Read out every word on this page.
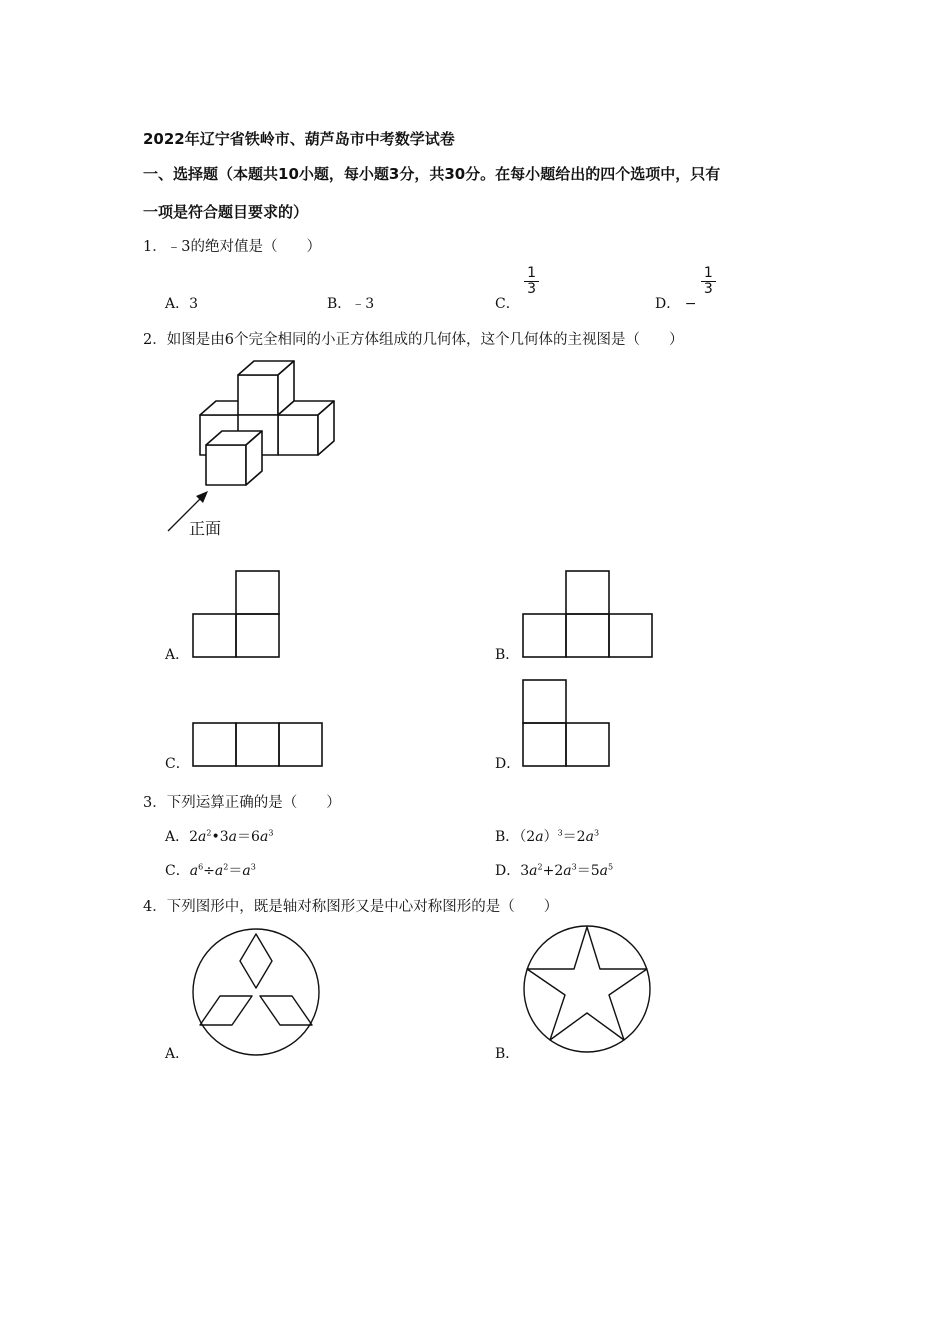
2022年辽宁省铁岭市、葫芦岛市中考数学试卷
一、选择题（本题共10小题，每小题3分，共30分。在每小题给出的四个选项中，只有
一项是符合题目要求的）
1．﹣3的绝对值是（　　）
A．3	B．﹣3	C．
$\frac{1}{3}$
D． −
$\frac{1}{3}$
2．如图是由6个完全相同的小正方体组成的几何体，这个几何体的主视图是（　　）
正面
A．	B．
C．	D．
3．下列运算正确的是（　　）
A．$2a^2•3a=6a^3$	B．$(2a)^3=2a^3$
C．$a^6\div a^2=a^3$	D．$3a^2+2a^3=5a^5$
4．下列图形中，既是轴对称图形又是中心对称图形的是（　　）
A．	B．
